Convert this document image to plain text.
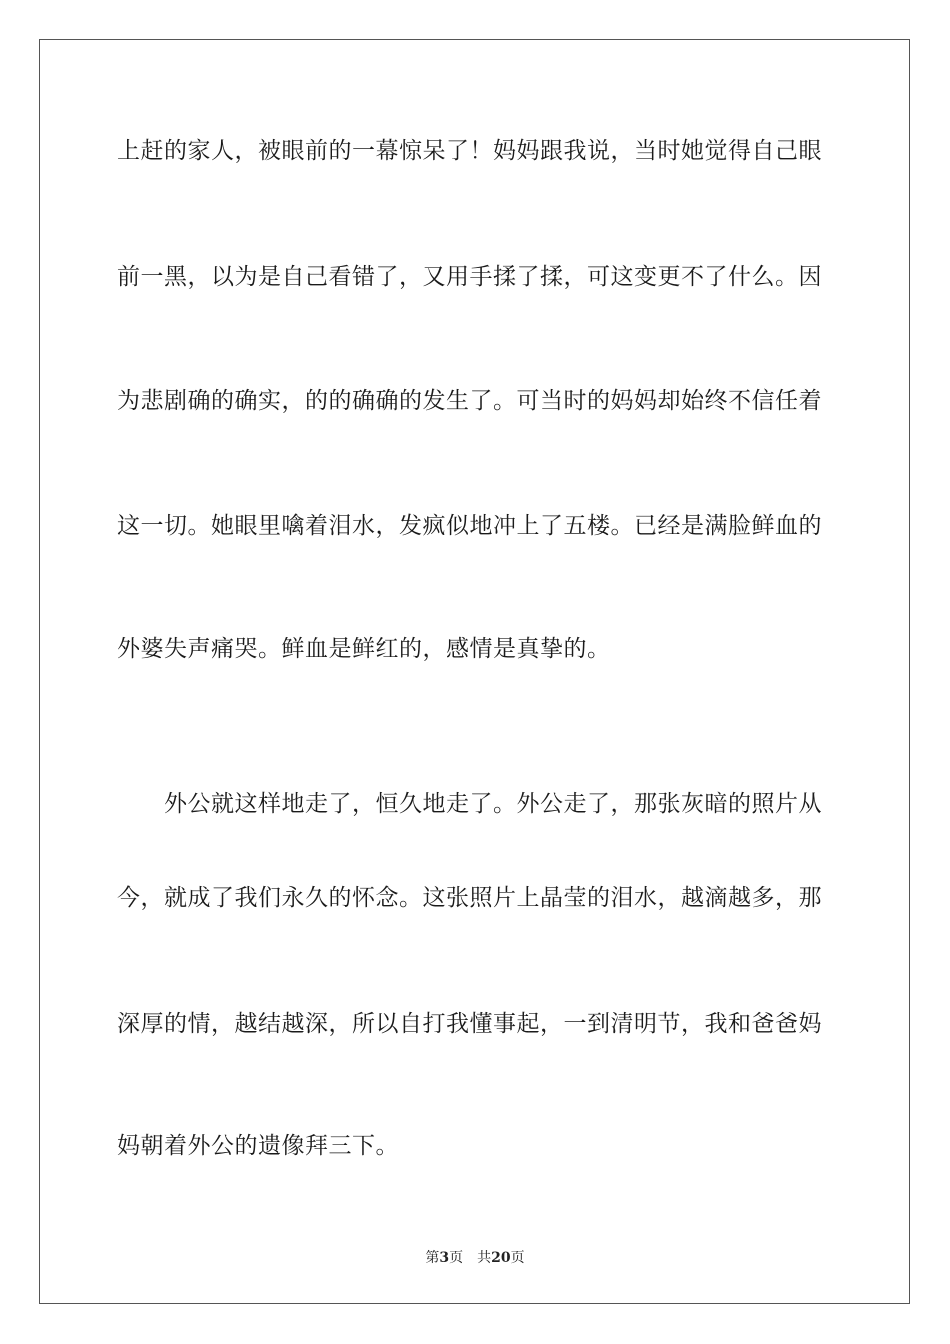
上赶的家人，被眼前的一幕惊呆了！妈妈跟我说，当时她觉得自己眼
前一黑，以为是自己看错了，又用手揉了揉，可这变更不了什么。因
为悲剧确的确实，的的确确的发生了。可当时的妈妈却始终不信任着
这一切。她眼里噙着泪水，发疯似地冲上了五楼。已经是满脸鲜血的
外婆失声痛哭。鲜血是鲜红的，感情是真挚的。
外公就这样地走了，恒久地走了。外公走了，那张灰暗的照片从
今，就成了我们永久的怀念。这张照片上晶莹的泪水，越滴越多，那
深厚的情，越结越深，所以自打我懂事起，一到清明节，我和爸爸妈
妈朝着外公的遗像拜三下。
第3页 共20页
